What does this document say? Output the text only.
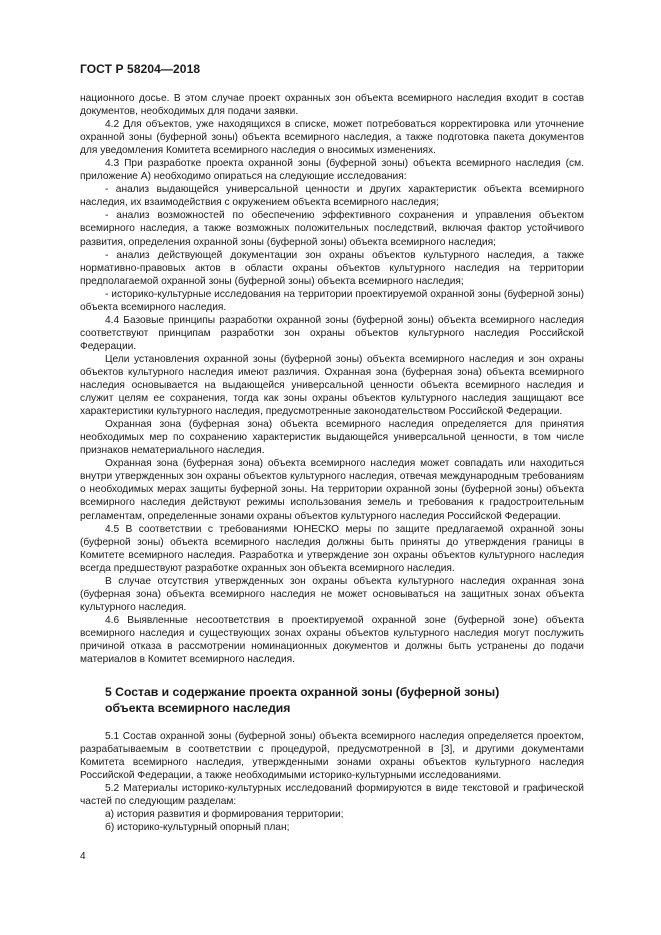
ГОСТ Р 58204—2018

национного досье. В этом случае проект охранных зон объекта всемирного наследия входит в состав документов, необходимых для подачи заявки.

4.2 Для объектов, уже находящихся в списке, может потребоваться корректировка или уточнение охранной зоны (буферной зоны) объекта всемирного наследия, а также подготовка пакета документов для уведомления Комитета всемирного наследия о вносимых изменениях.

4.3 При разработке проекта охранной зоны (буферной зоны) объекта всемирного наследия (см. приложение А) необходимо опираться на следующие исследования:

- анализ выдающейся универсальной ценности и других характеристик объекта всемирного наследия, их взаимодействия с окружением объекта всемирного наследия;

- анализ возможностей по обеспечению эффективного сохранения и управления объектом всемирного наследия, а также возможных положительных последствий, включая фактор устойчивого развития, определения охранной зоны (буферной зоны) объекта всемирного наследия;

- анализ действующей документации зон охраны объектов культурного наследия, а также нормативно-правовых актов в области охраны объектов культурного наследия на территории предполагаемой охранной зоны (буферной зоны) объекта всемирного наследия;

- историко-культурные исследования на территории проектируемой охранной зоны (буферной зоны) объекта всемирного наследия.

4.4 Базовые принципы разработки охранной зоны (буферной зоны) объекта всемирного наследия соответствуют принципам разработки зон охраны объектов культурного наследия Российской Федерации.

Цели установления охранной зоны (буферной зоны) объекта всемирного наследия и зон охраны объектов культурного наследия имеют различия. Охранная зона (буферная зона) объекта всемирного наследия основывается на выдающейся универсальной ценности объекта всемирного наследия и служит целям ее сохранения, тогда как зоны охраны объектов культурного наследия защищают все характеристики культурного наследия, предусмотренные законодательством Российской Федерации.

Охранная зона (буферная зона) объекта всемирного наследия определяется для принятия необходимых мер по сохранению характеристик выдающейся универсальной ценности, в том числе признаков нематериального наследия.

Охранная зона (буферная зона) объекта всемирного наследия может совпадать или находиться внутри утвержденных зон охраны объектов культурного наследия, отвечая международным требованиям о необходимых мерах защиты буферной зоны. На территории охранной зоны (буферной зоны) объекта всемирного наследия действуют режимы использования земель и требования к градостроительным регламентам, определенные зонами охраны объектов культурного наследия Российской Федерации.

4.5 В соответствии с требованиями ЮНЕСКО меры по защите предлагаемой охранной зоны (буферной зоны) объекта всемирного наследия должны быть приняты до утверждения границы в Комитете всемирного наследия. Разработка и утверждение зон охраны объектов культурного наследия всегда предшествуют разработке охранных зон объекта всемирного наследия.

В случае отсутствия утвержденных зон охраны объекта культурного наследия охранная зона (буферная зона) объекта всемирного наследия не может основываться на защитных зонах объекта культурного наследия.

4.6 Выявленные несоответствия в проектируемой охранной зоне (буферной зоне) объекта всемирного наследия и существующих зонах охраны объектов культурного наследия могут послужить причиной отказа в рассмотрении номинационных документов и должны быть устранены до подачи материалов в Комитет всемирного наследия.

5 Состав и содержание проекта охранной зоны (буферной зоны)
объекта всемирного наследия

5.1 Состав охранной зоны (буферной зоны) объекта всемирного наследия определяется проектом, разрабатываемым в соответствии с процедурой, предусмотренной в [3], и другими документами Комитета всемирного наследия, утвержденными зонами охраны объектов культурного наследия Российской Федерации, а также необходимыми историко-культурными исследованиями.

5.2 Материалы историко-культурных исследований формируются в виде текстовой и графической частей по следующим разделам:

а) история развития и формирования территории;

б) историко-культурный опорный план;

4
